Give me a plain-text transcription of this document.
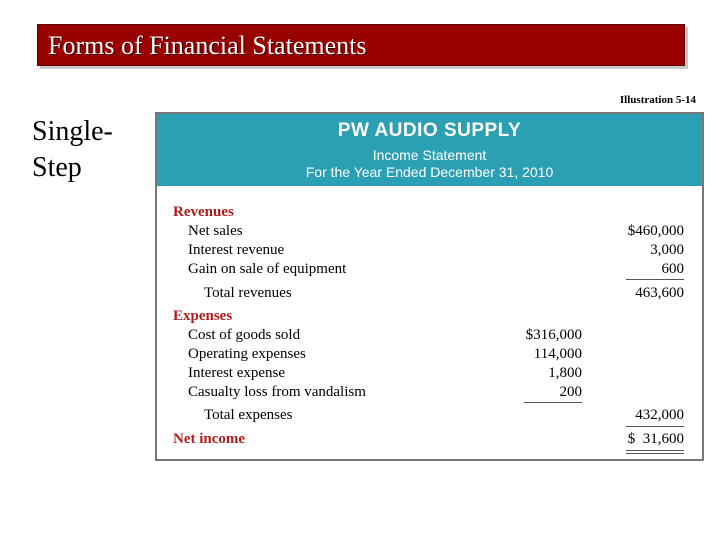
Forms of Financial Statements
Illustration 5-14
Single-
Step
PW AUDIO SUPPLY
Income Statement
For the Year Ended December 31, 2010
Revenues
Net sales	$460,000
Interest revenue	3,000
Gain on sale of equipment	600
Total revenues	463,600
Expenses
Cost of goods sold	$316,000
Operating expenses	114,000
Interest expense	1,800
Casualty loss from vandalism	200
Total expenses	432,000
Net income	$  31,600
